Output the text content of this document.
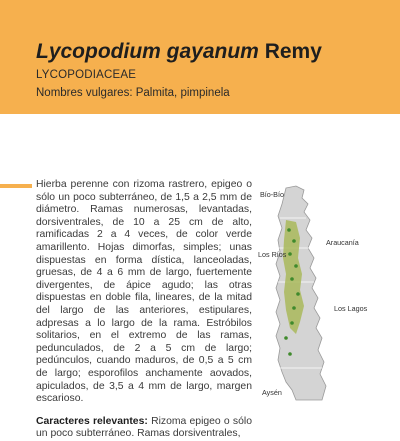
Lycopodium gayanum Remy
LYCOPODIACEAE
Nombres vulgares: Palmita, pimpinela

Hierba perenne con rizoma rastrero, epigeo o sólo un poco subterráneo, de 1,5 a 2,5 mm de diámetro. Ramas numerosas, levantadas, dorsiventrales, de 10 a 25 cm de alto, ramificadas 2 a 4 veces, de color verde amarillento. Hojas dimorfas, simples; unas dispuestas en forma dística, lanceoladas, gruesas, de 4 a 6 mm de largo, fuertemente divergentes, de ápice agudo; las otras dispuestas en doble fila, lineares, de la mitad del largo de las anteriores, estipulares, adpresas a lo largo de la rama. Estróbilos solitarios, en el extremo de las ramas, pedunculados, de 2 a 5 cm de largo; pedúnculos, cuando maduros, de 0,5 a 5 cm de largo; esporofilos anchamente aovados, apiculados, de 3,5 a 4 mm de largo, margen escarioso.

Caracteres relevantes: Rizoma epigeo o sólo un poco subterráneo. Ramas dorsiventrales,

Bío-Bío
Araucanía
Los Ríos
Los Lagos
Aysén
